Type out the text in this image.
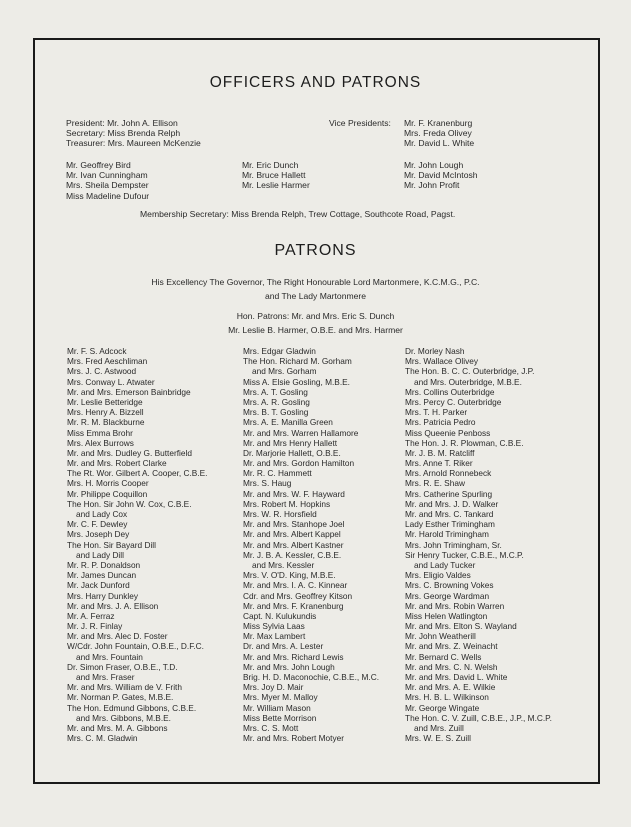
OFFICERS AND PATRONS
President: Mr. John A. Ellison
Secretary: Miss Brenda Relph
Treasurer: Mrs. Maureen McKenzie
Vice Presidents: Mr. F. Kranenburg
Mrs. Freda Olivey
Mr. David L. White
Mr. Geoffrey Bird
Mr. Ivan Cunningham
Mrs. Sheila Dempster
Miss Madeline Dufour
Mr. Eric Dunch
Mr. Bruce Hallett
Mr. Leslie Harmer
Mr. John Lough
Mr. David McIntosh
Mr. John Profit
Membership Secretary: Miss Brenda Relph, Trew Cottage, Southcote Road, Pagst.
PATRONS
His Excellency The Governor, The Right Honourable Lord Martonmere, K.C.M.G., P.C.
and The Lady Martonmere
Hon. Patrons: Mr. and Mrs. Eric S. Dunch
Mr. Leslie B. Harmer, O.B.E. and Mrs. Harmer
Mr. F. S. Adcock
Mrs. Fred Aeschliman
Mrs. J. C. Astwood
Mrs. Conway L. Atwater
Mr. and Mrs. Emerson Bainbridge
Mr. Leslie Betteridge
Mrs. Henry A. Bizzell
Mr. R. M. Blackburne
Miss Emma Brohr
Mrs. Alex Burrows
Mr. and Mrs. Dudley G. Butterfield
Mr. and Mrs. Robert Clarke
The Rt. Wor. Gilbert A. Cooper, C.B.E.
Mrs. H. Morris Cooper
Mr. Philippe Coquillon
The Hon. Sir John W. Cox, C.B.E.
and Lady Cox
Mr. C. F. Dewley
Mrs. Joseph Dey
The Hon. Sir Bayard Dill
and Lady Dill
Mr. R. P. Donaldson
Mr. James Duncan
Mr. Jack Dunford
Mrs. Harry Dunkley
Mr. and Mrs. J. A. Ellison
Mr. A. Ferraz
Mr. J. R. Finlay
Mr. and Mrs. Alec D. Foster
W/Cdr. John Fountain, O.B.E., D.F.C.
and Mrs. Fountain
Dr. Simon Fraser, O.B.E., T.D.
and Mrs. Fraser
Mr. and Mrs. William de V. Frith
Mr. Norman P. Gates, M.B.E.
The Hon. Edmund Gibbons, C.B.E.
and Mrs. Gibbons, M.B.E.
Mr. and Mrs. M. A. Gibbons
Mrs. C. M. Gladwin
Mrs. Edgar Gladwin
The Hon. Richard M. Gorham
and Mrs. Gorham
Miss A. Elsie Gosling, M.B.E.
Mrs. A. T. Gosling
Mrs. A. R. Gosling
Mrs. B. T. Gosling
Mrs. A. E. Manilla Green
Mr. and Mrs. Warren Hallamore
Mr. and Mrs Henry Hallett
Dr. Marjorie Hallett, O.B.E.
Mr. and Mrs. Gordon Hamilton
Mr. R. C. Hammett
Mrs. S. Haug
Mr. and Mrs. W. F. Hayward
Mrs. Robert M. Hopkins
Mrs. W. R. Horsfield
Mr. and Mrs. Stanhope Joel
Mr. and Mrs. Albert Kappel
Mr. and Mrs. Albert Kastner
Mr. J. B. A. Kessler, C.B.E.
and Mrs. Kessler
Mrs. V. O'D. King, M.B.E.
Mr. and Mrs. I. A. C. Kinnear
Cdr. and Mrs. Geoffrey Kitson
Mr. and Mrs. F. Kranenburg
Capt. N. Kulukundis
Miss Sylvia Laas
Mr. Max Lambert
Dr. and Mrs. A. Lester
Mr. and Mrs. Richard Lewis
Mr. and Mrs. John Lough
Brig. H. D. Maconochie, C.B.E., M.C.
Mrs. Joy D. Mair
Mrs. Myer M. Malloy
Mr. William Mason
Miss Bette Morrison
Mrs. C. S. Mott
Mr. and Mrs. Robert Motyer
Dr. Morley Nash
Mrs. Wallace Olivey
The Hon. B. C. C. Outerbridge, J.P.
and Mrs. Outerbridge, M.B.E.
Mrs. Collins Outerbridge
Mrs. Percy C. Outerbridge
Mrs. T. H. Parker
Mrs. Patricia Pedro
Miss Queenie Penboss
The Hon. J. R. Plowman, C.B.E.
Mr. J. B. M. Ratcliff
Mrs. Anne T. Riker
Mrs. Arnold Ronnebeck
Mrs. R. E. Shaw
Mrs. Catherine Spurling
Mr. and Mrs. J. D. Walker
Mr. and Mrs. C. Tankard
Lady Esther Trimingham
Mr. Harold Trimingham
Mrs. John Trimingham, Sr.
Sir Henry Tucker, C.B.E., M.C.P.
and Lady Tucker
Mrs. Eligio Valdes
Mrs. C. Browning Vokes
Mrs. George Wardman
Mr. and Mrs. Robin Warren
Miss Helen Watlington
Mr. and Mrs. Elton S. Wayland
Mr. John Weatherill
Mr. and Mrs. Z. Weinacht
Mr. Bernard C. Wells
Mr. and Mrs. C. N. Welsh
Mr. and Mrs. David L. White
Mr. and Mrs. A. E. Wilkie
Mrs. H. B. L. Wilkinson
Mr. George Wingate
The Hon. C. V. Zuill, C.B.E., J.P., M.C.P.
and Mrs. Zuill
Mrs. W. E. S. Zuill
